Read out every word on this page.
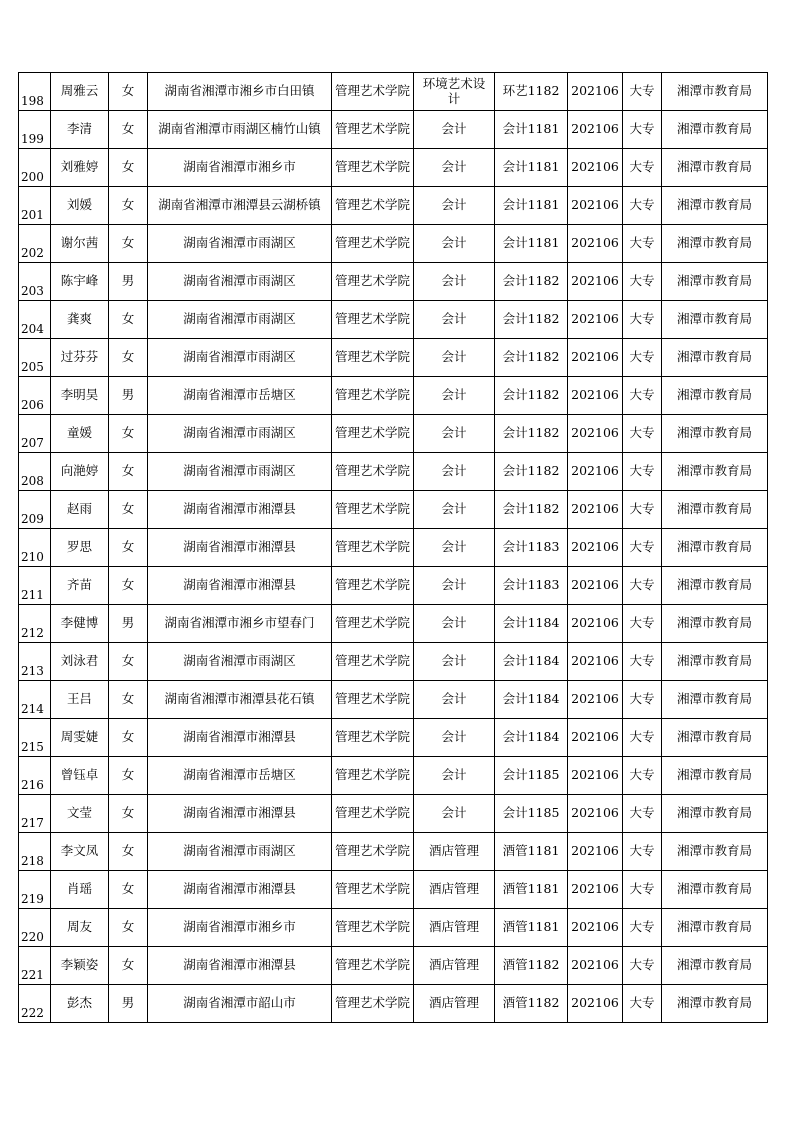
198	周雅云	女	湖南省湘潭市湘乡市白田镇	管理艺术学院	环境艺术设计	环艺1182	202106	大专	湘潭市教育局

199	李清	女	湖南省湘潭市雨湖区楠竹山镇	管理艺术学院	会计	会计1181	202106	大专	湘潭市教育局

200	刘雅婷	女	湖南省湘潭市湘乡市	管理艺术学院	会计	会计1181	202106	大专	湘潭市教育局

201	刘媛	女	湖南省湘潭市湘潭县云湖桥镇	管理艺术学院	会计	会计1181	202106	大专	湘潭市教育局

202	谢尔茜	女	湖南省湘潭市雨湖区	管理艺术学院	会计	会计1181	202106	大专	湘潭市教育局

203	陈宇峰	男	湖南省湘潭市雨湖区	管理艺术学院	会计	会计1182	202106	大专	湘潭市教育局

204	龚爽	女	湖南省湘潭市雨湖区	管理艺术学院	会计	会计1182	202106	大专	湘潭市教育局

205	过芬芬	女	湖南省湘潭市雨湖区	管理艺术学院	会计	会计1182	202106	大专	湘潭市教育局

206	李明昊	男	湖南省湘潭市岳塘区	管理艺术学院	会计	会计1182	202106	大专	湘潭市教育局

207	童媛	女	湖南省湘潭市雨湖区	管理艺术学院	会计	会计1182	202106	大专	湘潭市教育局

208	向滟婷	女	湖南省湘潭市雨湖区	管理艺术学院	会计	会计1182	202106	大专	湘潭市教育局

209	赵雨	女	湖南省湘潭市湘潭县	管理艺术学院	会计	会计1182	202106	大专	湘潭市教育局

210	罗思	女	湖南省湘潭市湘潭县	管理艺术学院	会计	会计1183	202106	大专	湘潭市教育局

211	齐苗	女	湖南省湘潭市湘潭县	管理艺术学院	会计	会计1183	202106	大专	湘潭市教育局

212	李健博	男	湖南省湘潭市湘乡市望春门	管理艺术学院	会计	会计1184	202106	大专	湘潭市教育局

213	刘泳君	女	湖南省湘潭市雨湖区	管理艺术学院	会计	会计1184	202106	大专	湘潭市教育局

214	王吕	女	湖南省湘潭市湘潭县花石镇	管理艺术学院	会计	会计1184	202106	大专	湘潭市教育局

215	周雯婕	女	湖南省湘潭市湘潭县	管理艺术学院	会计	会计1184	202106	大专	湘潭市教育局

216	曾钰卓	女	湖南省湘潭市岳塘区	管理艺术学院	会计	会计1185	202106	大专	湘潭市教育局

217	文莹	女	湖南省湘潭市湘潭县	管理艺术学院	会计	会计1185	202106	大专	湘潭市教育局

218	李文凤	女	湖南省湘潭市雨湖区	管理艺术学院	酒店管理	酒管1181	202106	大专	湘潭市教育局

219	肖瑶	女	湖南省湘潭市湘潭县	管理艺术学院	酒店管理	酒管1181	202106	大专	湘潭市教育局

220	周友	女	湖南省湘潭市湘乡市	管理艺术学院	酒店管理	酒管1181	202106	大专	湘潭市教育局

221	李颖姿	女	湖南省湘潭市湘潭县	管理艺术学院	酒店管理	酒管1182	202106	大专	湘潭市教育局

222	彭杰	男	湖南省湘潭市韶山市	管理艺术学院	酒店管理	酒管1182	202106	大专	湘潭市教育局
